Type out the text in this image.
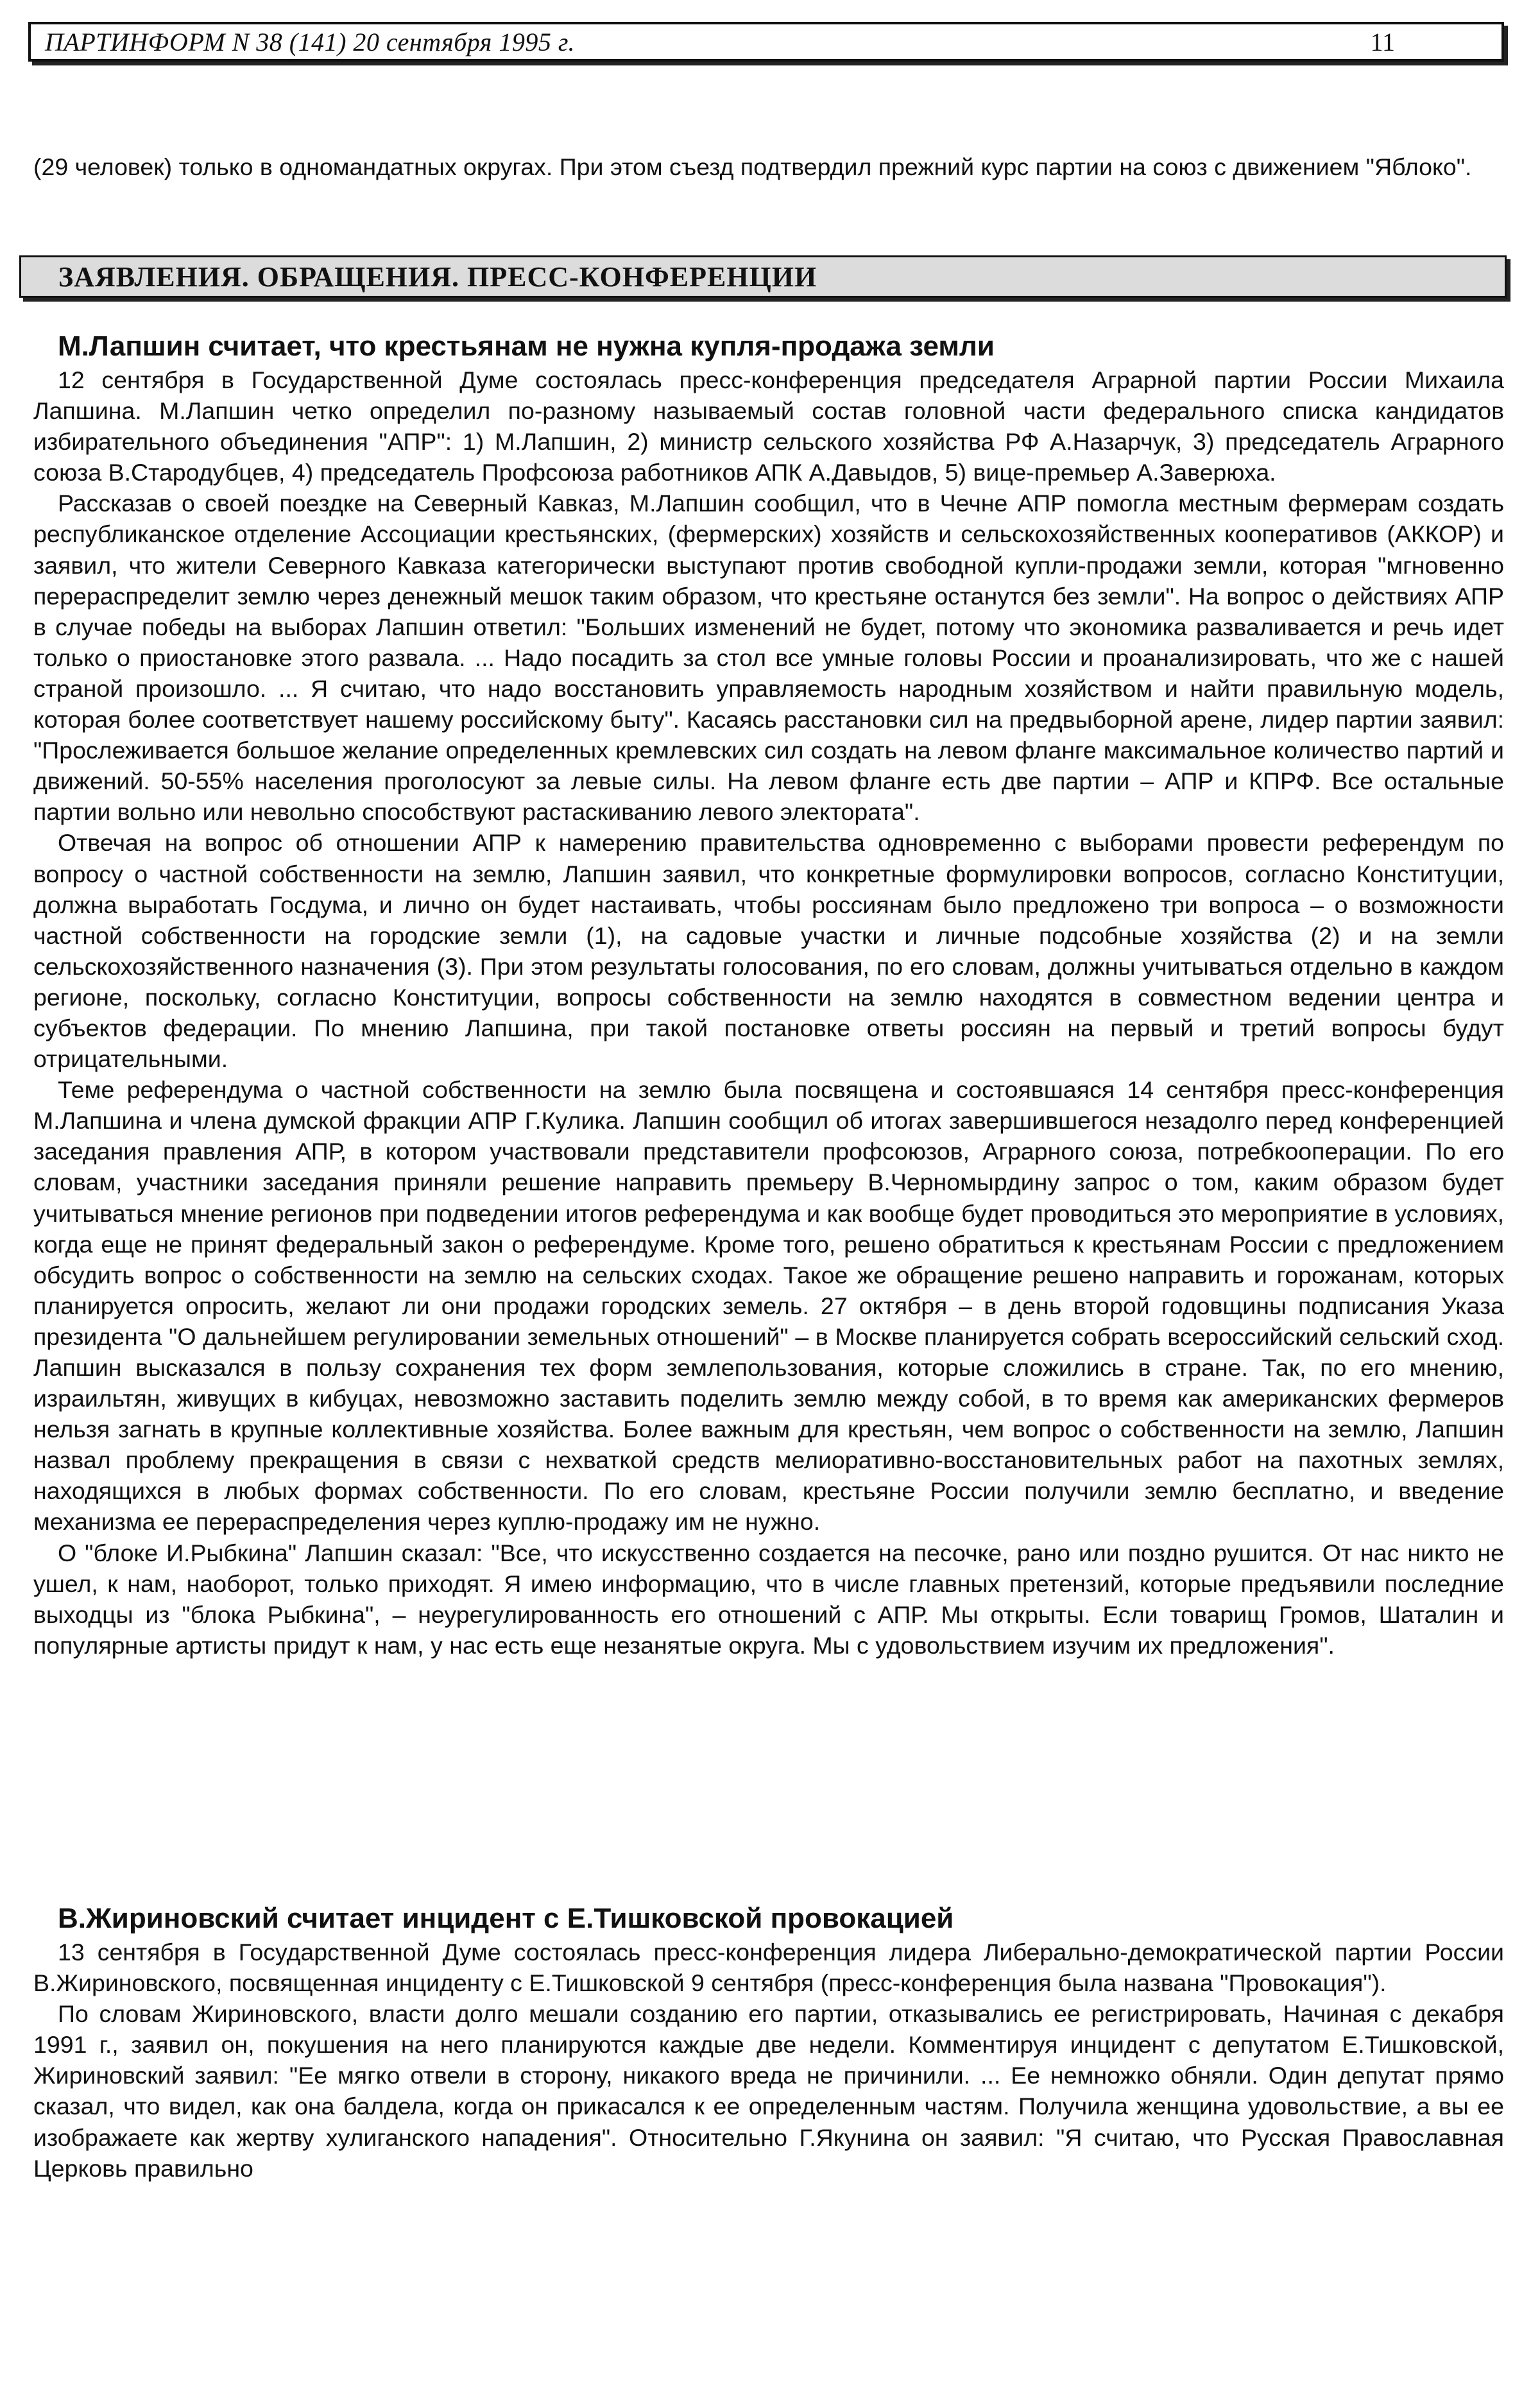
ПАРТИНФОРМ N 38 (141) 20 сентября 1995 г.	11

(29 человек) только в одномандатных округах. При этом съезд подтвердил прежний курс партии на союз с движением "Яблоко".

ЗАЯВЛЕНИЯ. ОБРАЩЕНИЯ. ПРЕСС-КОНФЕРЕНЦИИ
М.Лапшин считает, что крестьянам не нужна купля-продажа земли

12 сентября в Государственной Думе состоялась пресс-конференция председателя Аграрной партии России Михаила Лапшина. М.Лапшин четко определил по-разному называемый состав головной части федерального списка кандидатов избирательного объединения "АПР": 1) М.Лапшин, 2) министр сельского хозяйства РФ А.Назарчук, 3) председатель Аграрного союза В.Стародубцев, 4) председатель Профсоюза работников АПК А.Давыдов, 5) вице-премьер А.Заверюха.

Рассказав о своей поездке на Северный Кавказ, М.Лапшин сообщил, что в Чечне АПР помогла местным фермерам создать республиканское отделение Ассоциации крестьянских, (фермерских) хозяйств и сельскохозяйственных кооперативов (АККОР) и заявил, что жители Северного Кавказа категорически выступают против свободной купли-продажи земли, которая "мгновенно перераспределит землю через денежный мешок таким образом, что крестьяне останутся без земли". На вопрос о действиях АПР в случае победы на выборах Лапшин ответил: "Больших изменений не будет, потому что экономика разваливается и речь идет только о приостановке этого развала. ... Надо посадить за стол все умные головы России и проанализировать, что же с нашей страной произошло. ... Я считаю, что надо восстановить управляемость народным хозяйством и найти правильную модель, которая более соответствует нашему российскому быту". Касаясь расстановки сил на предвыборной арене, лидер партии заявил: "Прослеживается большое желание определенных кремлевских сил создать на левом фланге максимальное количество партий и движений. 50-55% населения проголосуют за левые силы. На левом фланге есть две партии – АПР и КПРФ. Все остальные партии вольно или невольно способствуют растаскиванию левого электората".

Отвечая на вопрос об отношении АПР к намерению правительства одновременно с выборами провести референдум по вопросу о частной собственности на землю, Лапшин заявил, что конкретные формулировки вопросов, согласно Конституции, должна выработать Госдума, и лично он будет настаивать, чтобы россиянам было предложено три вопроса – о возможности частной собственности на городские земли (1), на садовые участки и личные подсобные хозяйства (2) и на земли сельскохозяйственного назначения (3). При этом результаты голосования, по его словам, должны учитываться отдельно в каждом регионе, поскольку, согласно Конституции, вопросы собственности на землю находятся в совместном ведении центра и субъектов федерации. По мнению Лапшина, при такой постановке ответы россиян на первый и третий вопросы будут отрицательными.

Теме референдума о частной собственности на землю была посвящена и состоявшаяся 14 сентября пресс-конференция М.Лапшина и члена думской фракции АПР Г.Кулика. Лапшин сообщил об итогах завершившегося незадолго перед конференцией заседания правления АПР, в котором участвовали представители профсоюзов, Аграрного союза, потребкооперации. По его словам, участники заседания приняли решение направить премьеру В.Черномырдину запрос о том, каким образом будет учитываться мнение регионов при подведении итогов референдума и как вообще будет проводиться это мероприятие в условиях, когда еще не принят федеральный закон о референдуме. Кроме того, решено обратиться к крестьянам России с предложением обсудить вопрос о собственности на землю на сельских сходах. Такое же обращение решено направить и горожанам, которых планируется опросить, желают ли они продажи городских земель. 27 октября – в день второй годовщины подписания Указа президента "О дальнейшем регулировании земельных отношений" – в Москве планируется собрать всероссийский сельский сход. Лапшин высказался в пользу сохранения тех форм землепользования, которые сложились в стране. Так, по его мнению, израильтян, живущих в кибуцах, невозможно заставить поделить землю между собой, в то время как американских фермеров нельзя загнать в крупные коллективные хозяйства. Более важным для крестьян, чем вопрос о собственности на землю, Лапшин назвал проблему прекращения в связи с нехваткой средств мелиоративно-восстановительных работ на пахотных землях, находящихся в любых формах собственности. По его словам, крестьяне России получили землю бесплатно, и введение механизма ее перераспределения через куплю-продажу им не нужно.

О "блоке И.Рыбкина" Лапшин сказал: "Все, что искусственно создается на песочке, рано или поздно рушится. От нас никто не ушел, к нам, наоборот, только приходят. Я имею информацию, что в числе главных претензий, которые предъявили последние выходцы из "блока Рыбкина", – неурегулированность его отношений с АПР. Мы открыты. Если товарищ Громов, Шаталин и популярные артисты придут к нам, у нас есть еще незанятые округа. Мы с удовольствием изучим их предложения".

В.Жириновский считает инцидент с Е.Тишковской провокацией

13 сентября в Государственной Думе состоялась пресс-конференция лидера Либерально-демократической партии России В.Жириновского, посвященная инциденту с Е.Тишковской 9 сентября (пресс-конференция была названа "Провокация").

По словам Жириновского, власти долго мешали созданию его партии, отказывались ее регистрировать, Начиная с декабря 1991 г., заявил он, покушения на него планируются каждые две недели. Комментируя инцидент с депутатом Е.Тишковской, Жириновский заявил: "Ее мягко отвели в сторону, никакого вреда не причинили. ... Ее немножко обняли. Один депутат прямо сказал, что видел, как она балдела, когда он прикасался к ее определенным частям. Получила женщина удовольствие, а вы ее изображаете как жертву хулиганского нападения". Относительно Г.Якунина он заявил: "Я считаю, что Русская Православная Церковь правильно
